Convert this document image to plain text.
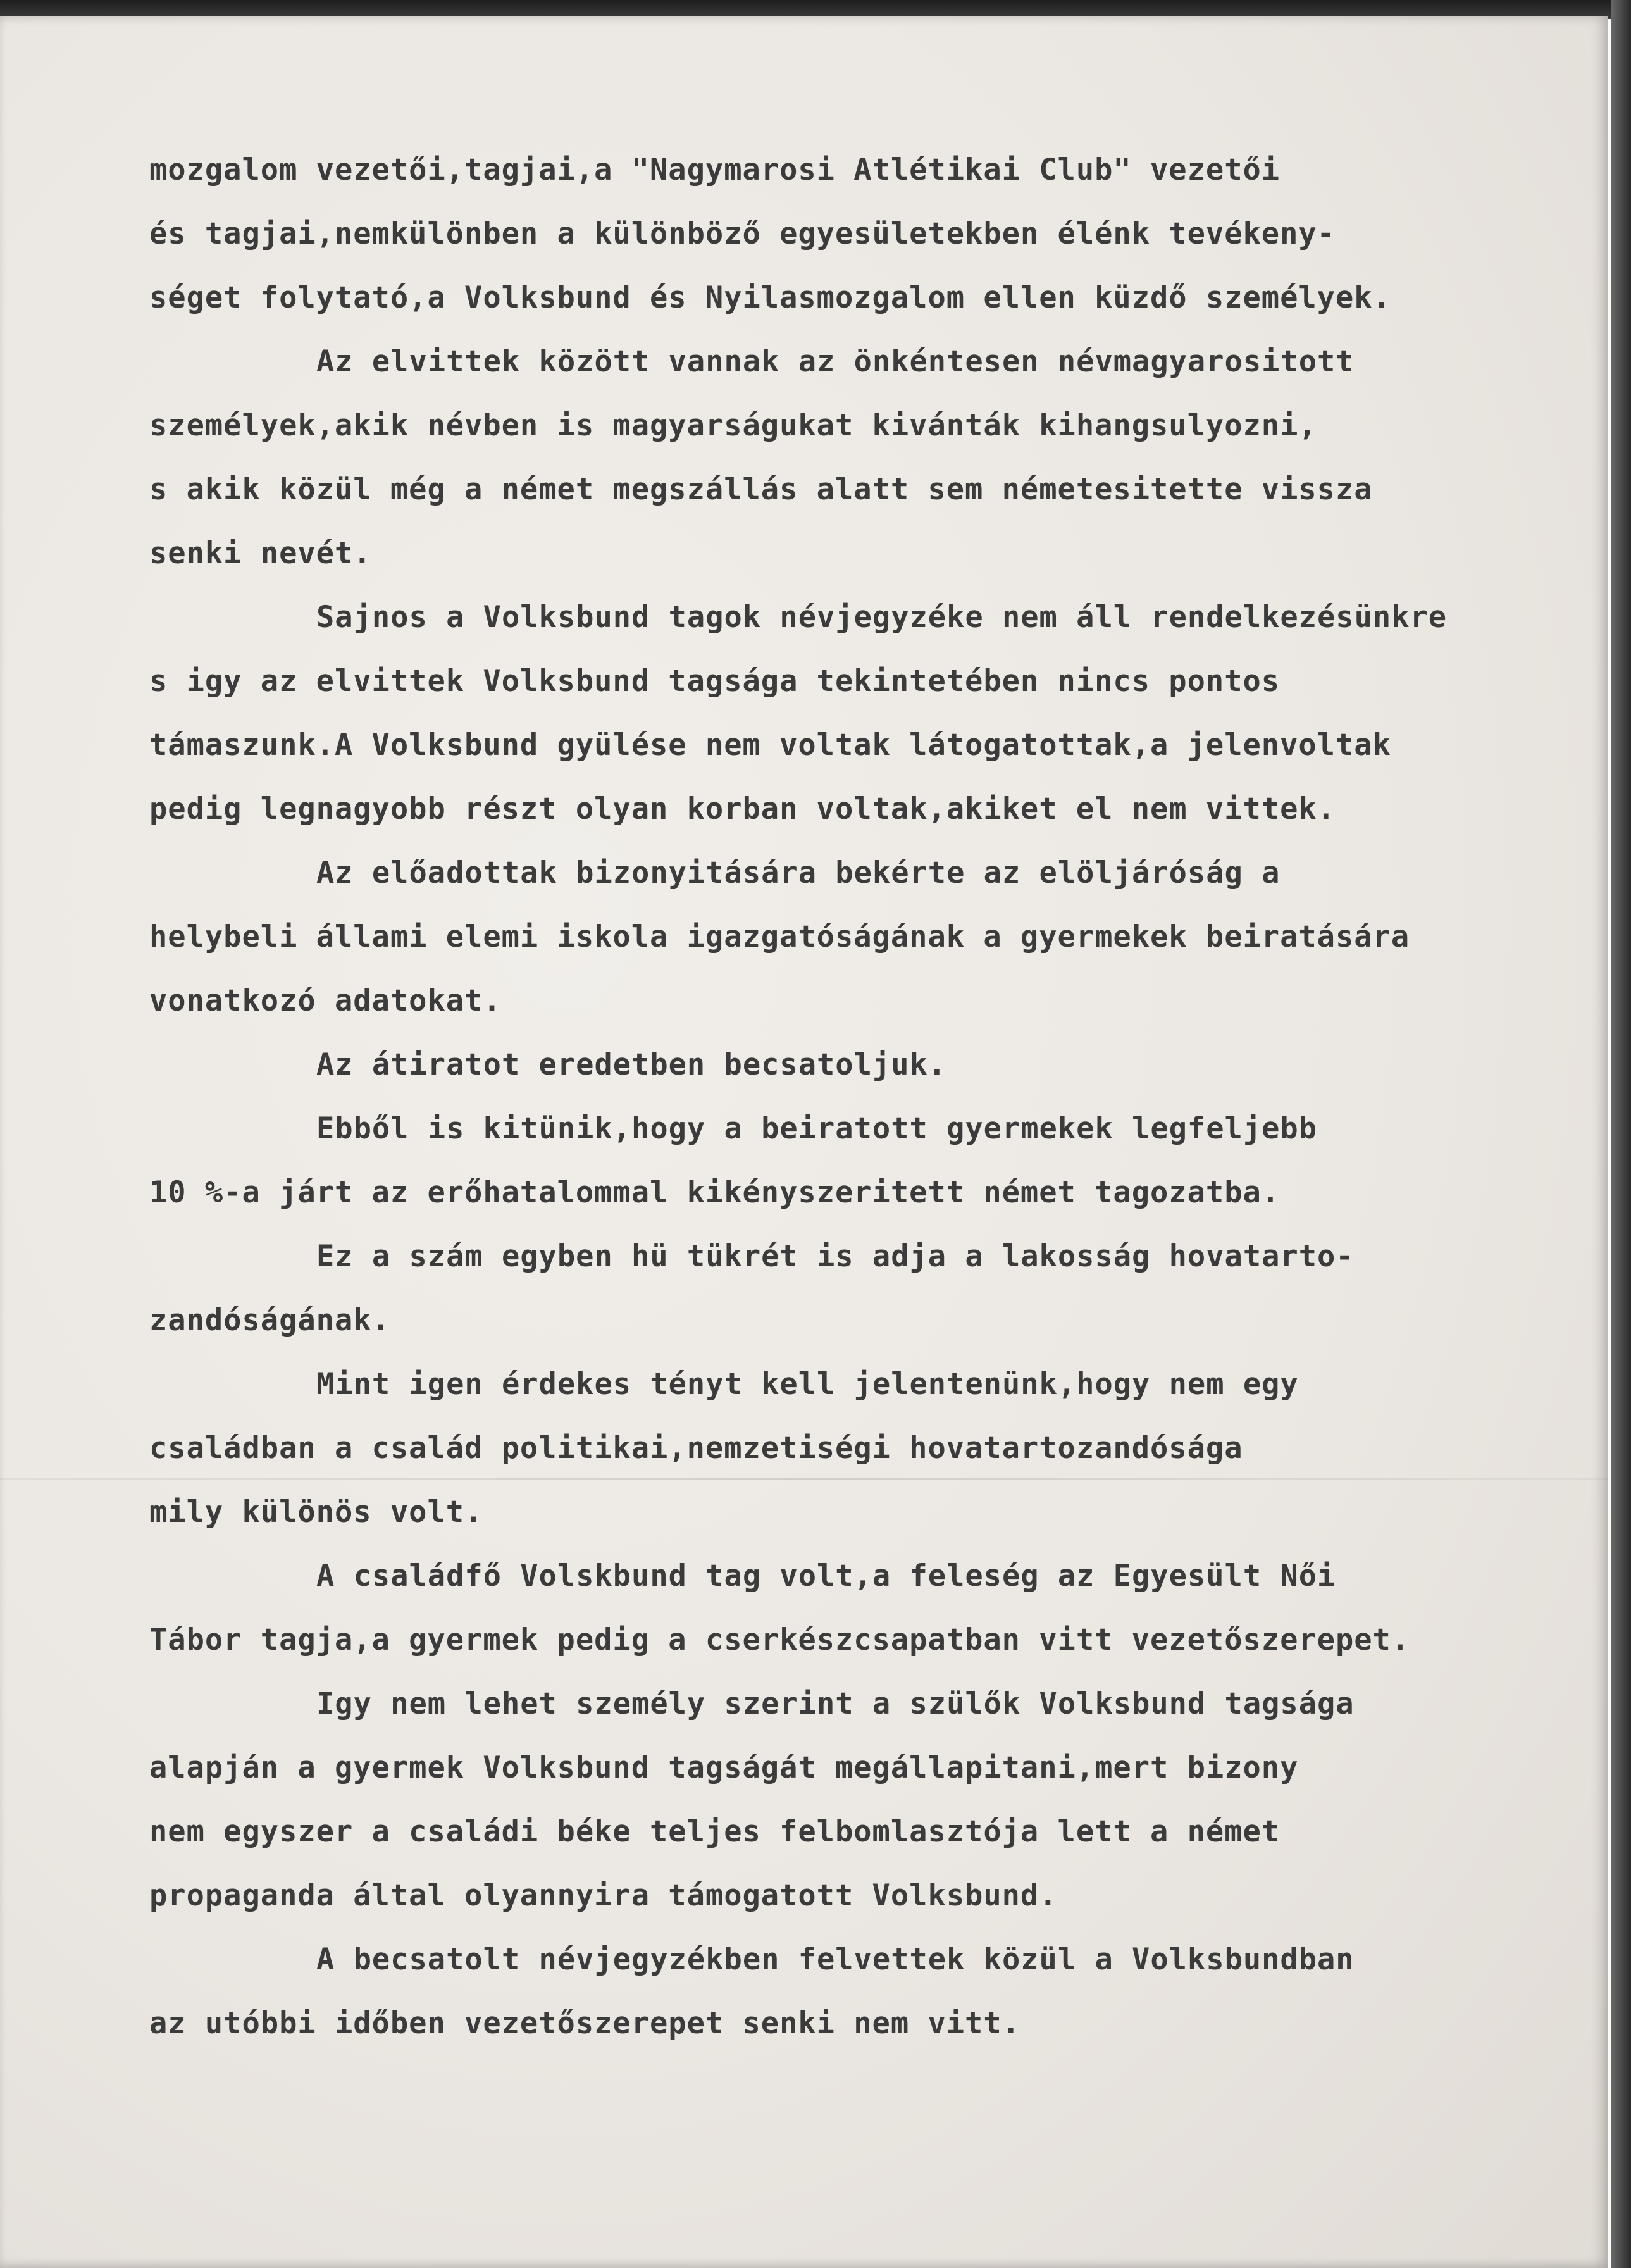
mozgalom vezetői,tagjai,a "Nagymarosi Atlétikai Club" vezetői
és tagjai,nemkülönben a különböző egyesületekben élénk tevékeny-
séget folytató,a Volksbund és Nyilasmozgalom ellen küzdő személyek.
Az elvittek között vannak az önkéntesen névmagyarositott
személyek,akik névben is magyarságukat kivánták kihangsulyozni,
s akik közül még a német megszállás alatt sem németesitette vissza
senki nevét.
Sajnos a Volksbund tagok névjegyzéke nem áll rendelkezésünkre
s igy az elvittek Volksbund tagsága tekintetében nincs pontos
támaszunk.A Volksbund gyülése nem voltak látogatottak,a jelenvoltak
pedig legnagyobb részt olyan korban voltak,akiket el nem vittek.
Az előadottak bizonyitására bekérte az elöljáróság a
helybeli állami elemi iskola igazgatóságának a gyermekek beiratására
vonatkozó adatokat.
Az átiratot eredetben becsatoljuk.
Ebből is kitünik,hogy a beiratott gyermekek legfeljebb
10 %-a járt az erőhatalommal kikényszeritett német tagozatba.
Ez a szám egyben hü tükrét is adja a lakosság hovatarto-
zandóságának.
Mint igen érdekes tényt kell jelentenünk,hogy nem egy
családban a család politikai,nemzetiségi hovatartozandósága
mily különös volt.
A családfő Volskbund tag volt,a feleség az Egyesült Női
Tábor tagja,a gyermek pedig a cserkészcsapatban vitt vezetőszerepet.
Igy nem lehet személy szerint a szülők Volksbund tagsága
alapján a gyermek Volksbund tagságát megállapitani,mert bizony
nem egyszer a családi béke teljes felbomlasztója lett a német
propaganda által olyannyira támogatott Volksbund.
A becsatolt névjegyzékben felvettek közül a Volksbundban
az utóbbi időben vezetőszerepet senki nem vitt.
